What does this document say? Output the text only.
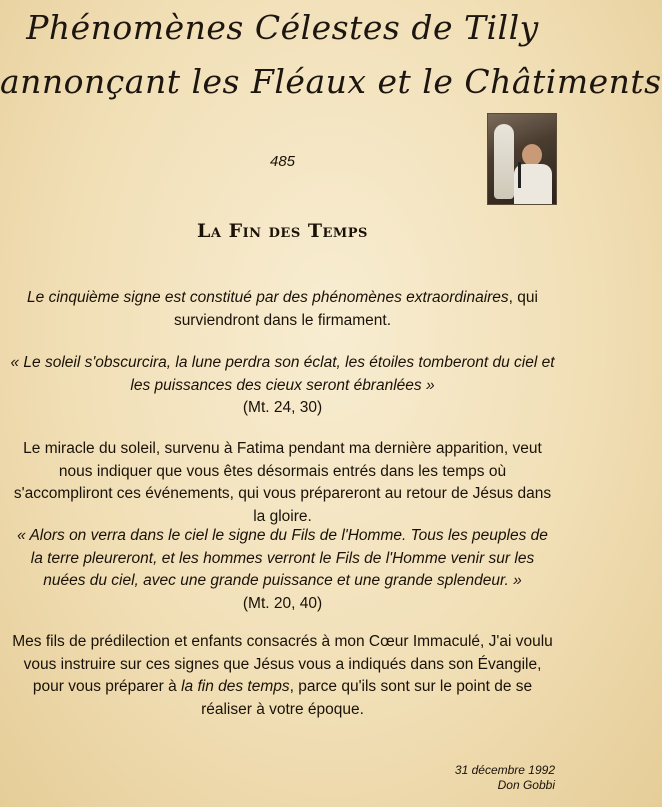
Phénomènes Célestes de Tilly
annonçant les Fléaux et le Châtiments
485
La Fin des Temps
Le cinquième signe est constitué par des phénomènes extraordinaires, qui surviendront dans le firmament.
« Le soleil s'obscurcira, la lune perdra son éclat, les étoiles tomberont du ciel et les puissances des cieux seront ébranlées »
(Mt. 24, 30)
Le miracle du soleil, survenu à Fatima pendant ma dernière apparition, veut nous indiquer que vous êtes désormais entrés dans les temps où s'accompliront ces événements, qui vous prépareront au retour de Jésus dans la gloire.
« Alors on verra dans le ciel le signe du Fils de l'Homme. Tous les peuples de la terre pleureront, et les hommes verront le Fils de l'Homme venir sur les nuées du ciel, avec une grande puissance et une grande splendeur. »
(Mt. 20, 40)
Mes fils de prédilection et enfants consacrés à mon Cœur Immaculé, J'ai voulu vous instruire sur ces signes que Jésus vous a indiqués dans son Évangile, pour vous préparer à la fin des temps, parce qu'ils sont sur le point de se réaliser à votre époque.
31 décembre 1992
Don Gobbi
